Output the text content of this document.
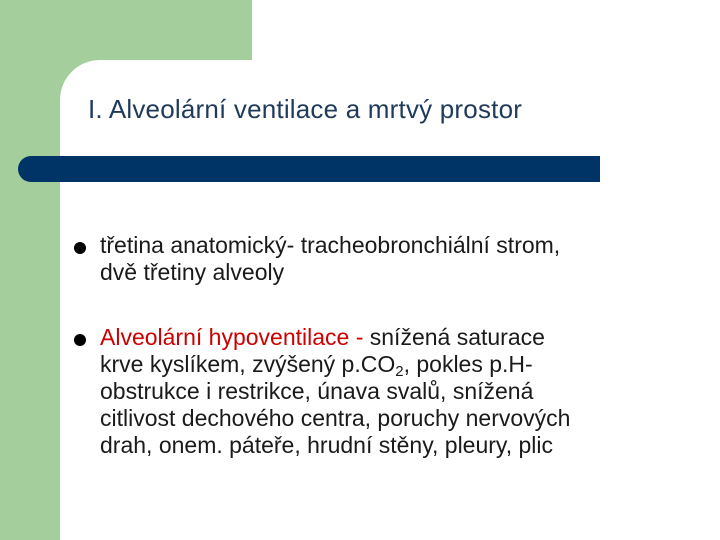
I. Alveolární ventilace a mrtvý prostor
třetina anatomický- tracheobronchiální strom,
dvě třetiny alveoly
Alveolární hypoventilace - snížená saturace
krve kyslíkem, zvýšený $p.CO_2$, pokles p.H-
obstrukce i restrikce, únava svalů, snížená
citlivost dechového centra, poruchy nervových
drah, onem. páteře, hrudní stěny, pleury, plic
